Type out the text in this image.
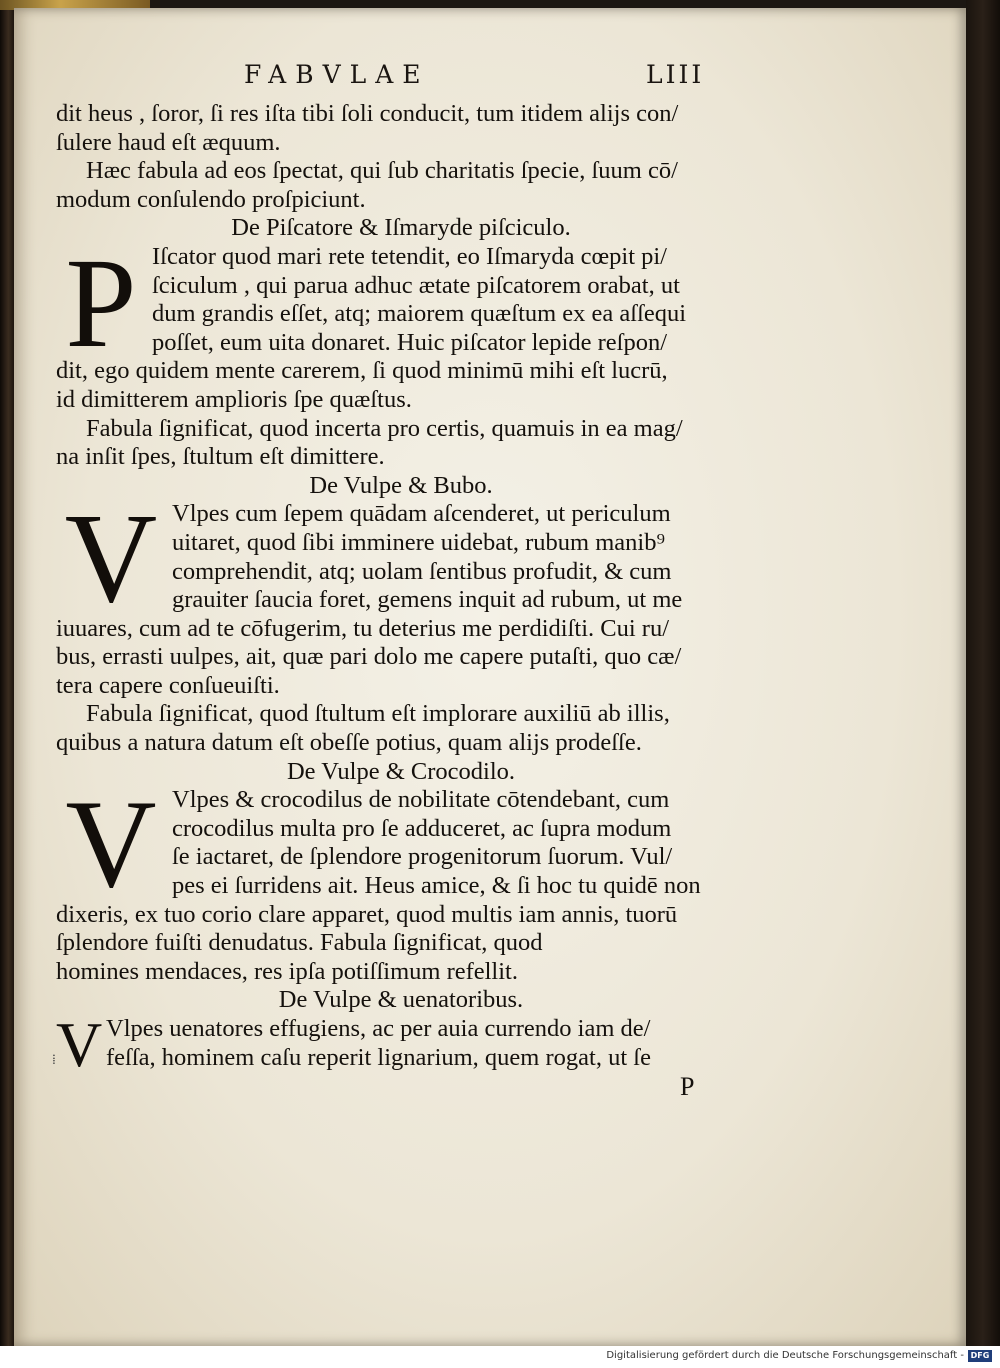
FABVLAE	LIII
dit heus , ſoror, ſi res iſta tibi ſoli conducit, tum itidem alijs con/
ſulere haud eſt æquum.
Hæc fabula ad eos ſpectat, qui ſub charitatis ſpecie, ſuum cō/
modum conſulendo proſpiciunt.
De Piſcatore & Iſmaryde piſciculo.
P Iſcator quod mari rete tetendit, eo Iſmaryda cœpit pi/
ſciculum , qui parua adhuc ætate piſcatorem orabat, ut
dum grandis eſſet, atq; maiorem quæſtum ex ea aſſequi
poſſet, eum uita donaret. Huic piſcator lepide reſpon/
dit, ego quidem mente carerem, ſi quod minimū mihi eſt lucrū,
id dimitterem amplioris ſpe quæſtus.
Fabula ſignificat, quod incerta pro certis, quamuis in ea mag/
na inſit ſpes, ſtultum eſt dimittere.
De Vulpe & Bubo.
V Vlpes cum ſepem quādam aſcenderet, ut periculum
uitaret, quod ſibi imminere uidebat, rubum manib⁹
comprehendit, atq; uolam ſentibus profudit, & cum
grauiter ſaucia foret, gemens inquit ad rubum, ut me
iuuares, cum ad te cōfugerim, tu deterius me perdidiſti. Cui ru/
bus, errasti uulpes, ait, quæ pari dolo me capere putaſti, quo cæ/
tera capere conſueuiſti.
Fabula ſignificat, quod ſtultum eſt implorare auxiliū ab illis,
quibus a natura datum eſt obeſſe potius, quam alijs prodeſſe.
De Vulpe & Crocodilo.
V Vlpes & crocodilus de nobilitate cōtendebant, cum
crocodilus multa pro ſe adduceret, ac ſupra modum
ſe iactaret, de ſplendore progenitorum ſuorum. Vul/
pes ei ſurridens ait. Heus amice, & ſi hoc tu quidē non
dixeris, ex tuo corio clare apparet, quod multis iam annis, tuorū
ſplendore fuiſti denudatus. Fabula ſignificat, quod
homines mendaces, res ipſa potiſſimum refellit.
De Vulpe & uenatoribus.
V Vlpes uenatores effugiens, ac per auia currendo iam de/
feſſa, hominem caſu reperit lignarium, quem rogat, ut ſe
⁞
P
Digitalisierung gefördert durch die Deutsche Forschungsgemeinschaft - DFG
